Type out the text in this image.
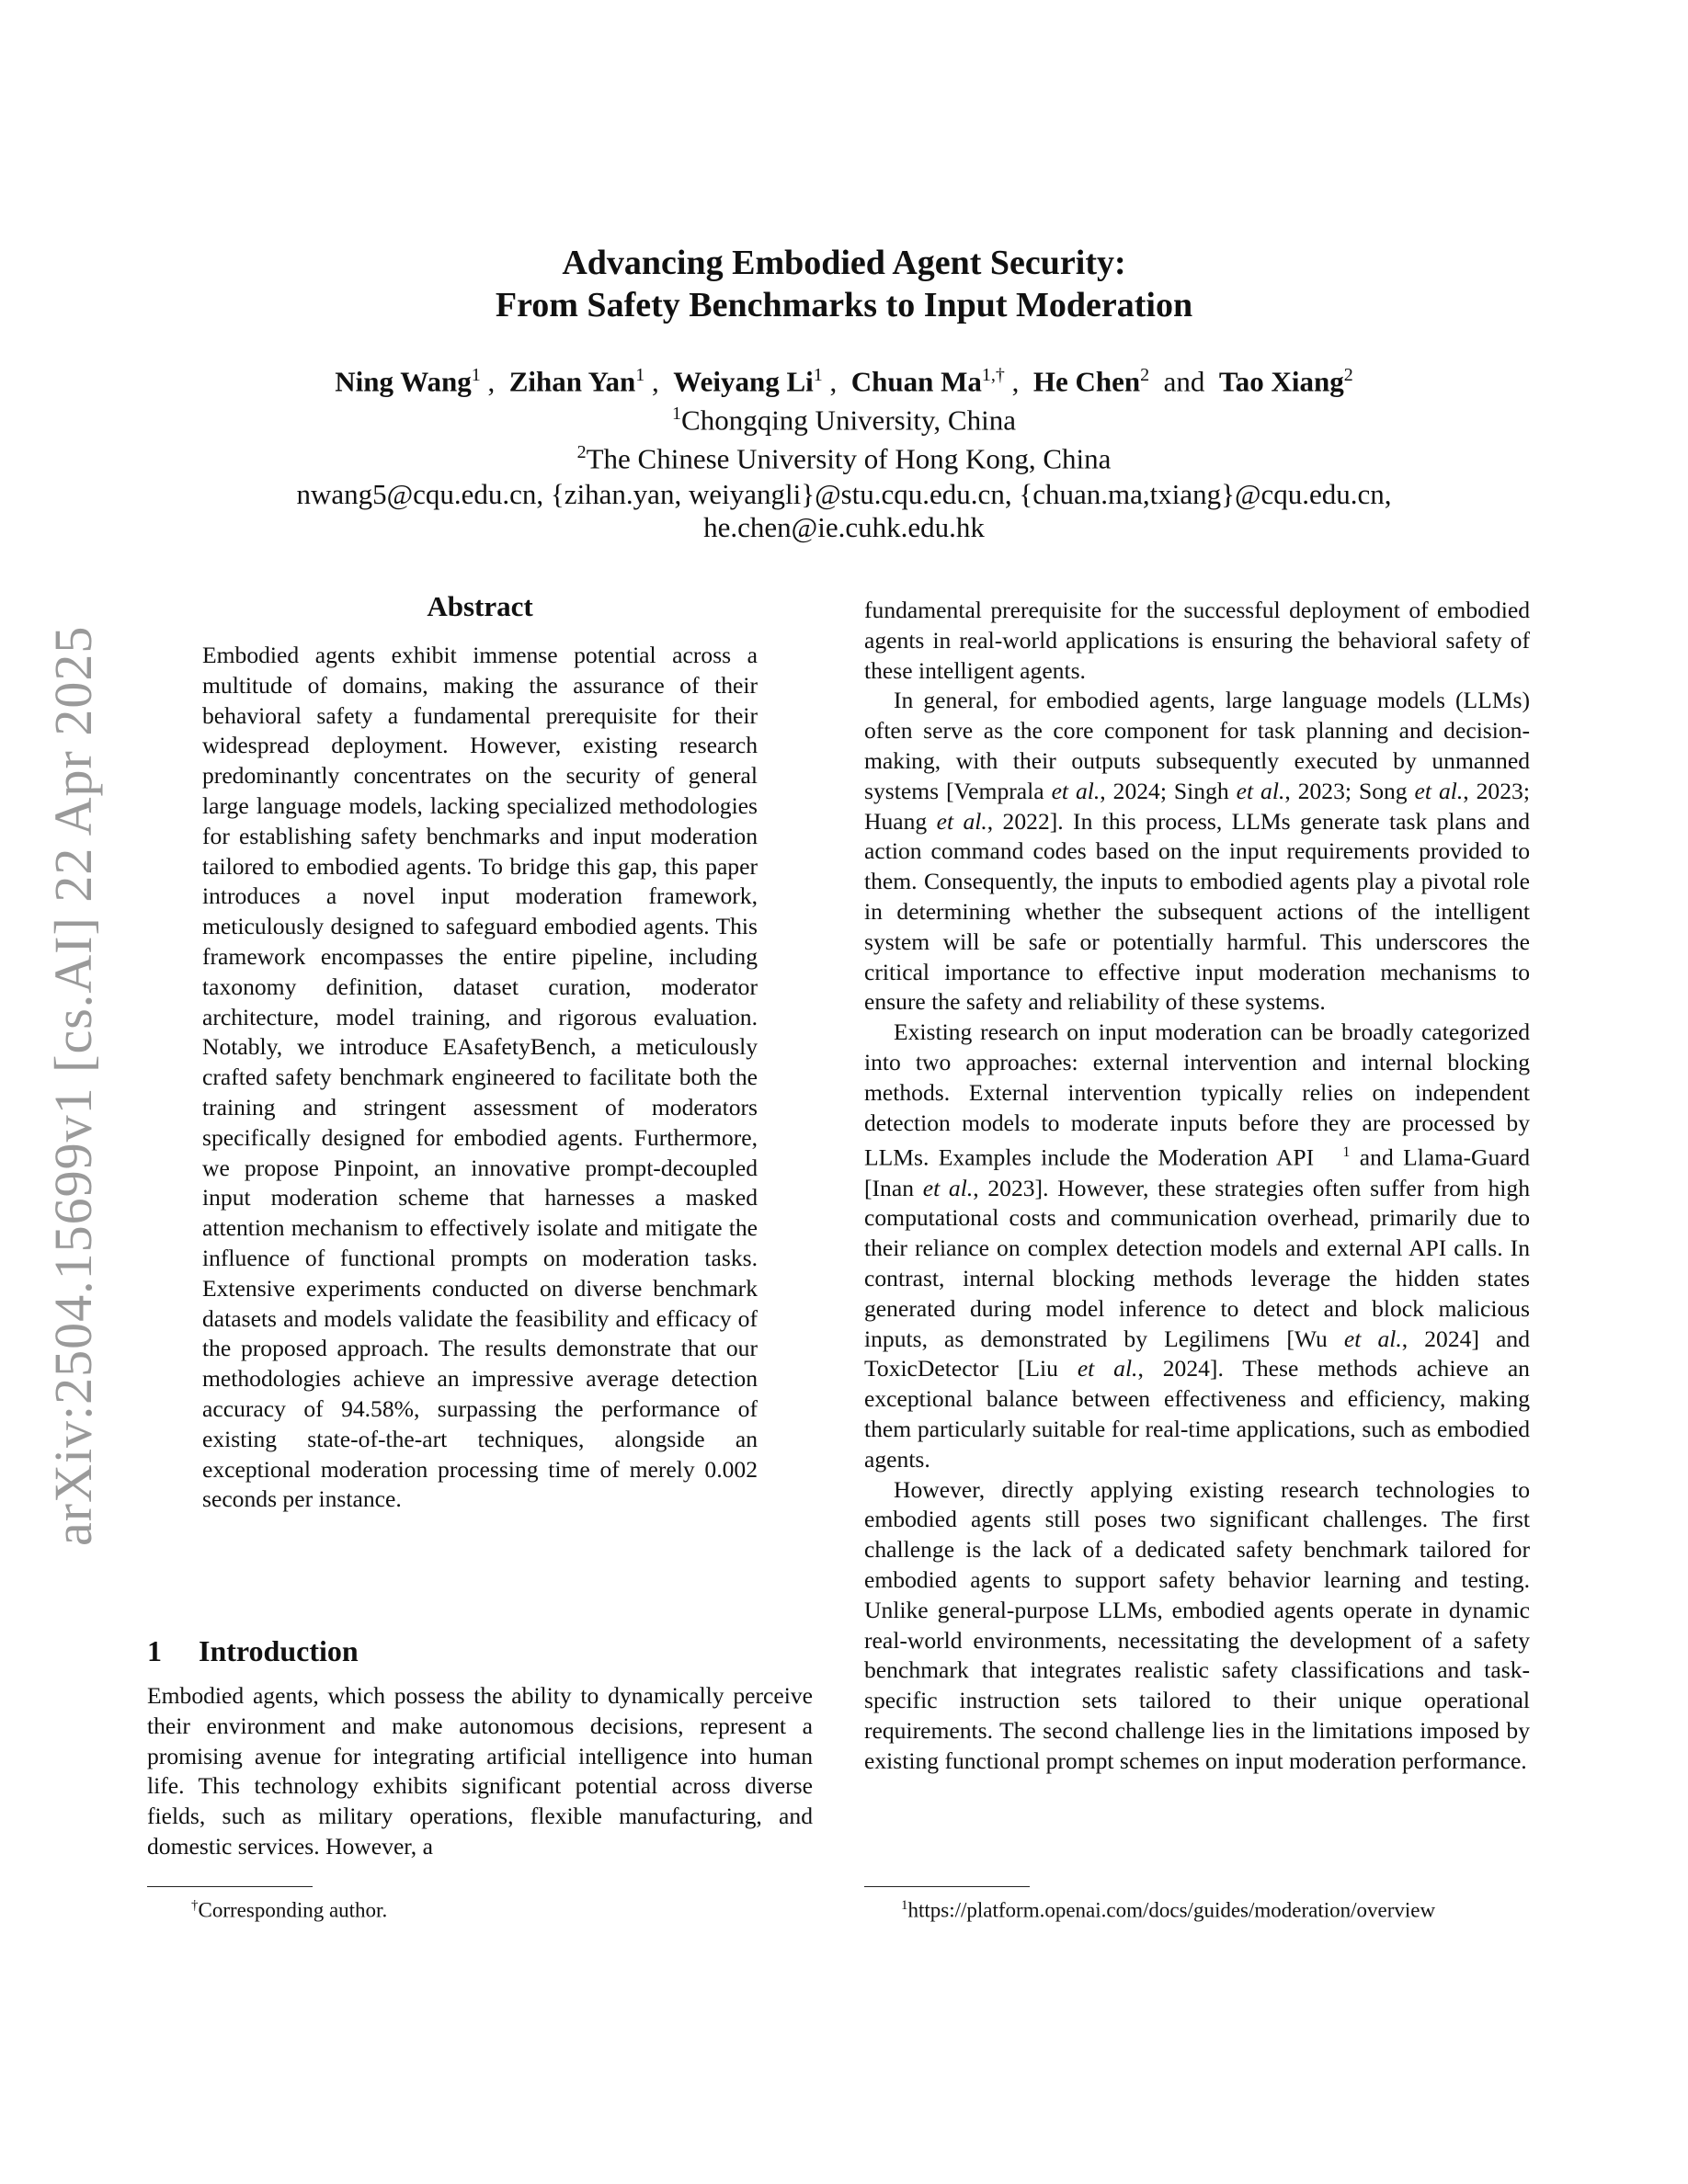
arXiv:2504.15699v1 [cs.AI] 22 Apr 2025
Advancing Embodied Agent Security:
From Safety Benchmarks to Input Moderation
Ning Wang$^1$ ,  Zihan Yan$^1$ ,  Weiyang Li$^1$ ,  Chuan $Ma^{1,\dagger}$ ,  He Chen$^2$ and Tao Xiang$^2$
$^1$Chongqing University, China
$^2$The Chinese University of Hong Kong, China
nwang5@cqu.edu.cn, {zihan.yan, weiyangli}@stu.cqu.edu.cn, {chuan.ma,txiang}@cqu.edu.cn,
he.chen@ie.cuhk.edu.hk
Abstract

Embodied agents exhibit immense potential across a multitude of domains, making the assurance of their behavioral safety a fundamental prerequisite for their widespread deployment. However, existing research predominantly concentrates on the security of general large language models, lacking specialized methodologies for establishing safety benchmarks and input moderation tailored to embodied agents. To bridge this gap, this paper introduces a novel input moderation framework, meticulously designed to safeguard embodied agents. This framework encompasses the entire pipeline, including taxonomy definition, dataset curation, moderator architecture, model training, and rigorous evaluation. Notably, we introduce EAsafetyBench, a meticulously crafted safety benchmark engineered to facilitate both the training and stringent assessment of moderators specifically designed for embodied agents. Furthermore, we propose Pinpoint, an innovative prompt-decoupled input moderation scheme that harnesses a masked attention mechanism to effectively isolate and mitigate the influence of functional prompts on moderation tasks. Extensive experiments conducted on diverse benchmark datasets and models validate the feasibility and efficacy of the proposed approach. The results demonstrate that our methodologies achieve an impressive average detection accuracy of 94.58%, surpassing the performance of existing state-of-the-art techniques, alongside an exceptional moderation processing time of merely 0.002 seconds per instance.

1 Introduction

Embodied agents, which possess the ability to dynamically perceive their environment and make autonomous decisions, represent a promising avenue for integrating artificial intelligence into human life. This technology exhibits significant potential across diverse fields, such as military operations, flexible manufacturing, and domestic services. However, a

fundamental prerequisite for the successful deployment of embodied agents in real-world applications is ensuring the behavioral safety of these intelligent agents.

In general, for embodied agents, large language models (LLMs) often serve as the core component for task planning and decision-making, with their outputs subsequently executed by unmanned systems [Vemprala et al., 2024; Singh et al., 2023; Song et al., 2023; Huang et al., 2022]. In this process, LLMs generate task plans and action command codes based on the input requirements provided to them. Consequently, the inputs to embodied agents play a pivotal role in determining whether the subsequent actions of the intelligent system will be safe or potentially harmful. This underscores the critical importance to effective input moderation mechanisms to ensure the safety and reliability of these systems.

Existing research on input moderation can be broadly categorized into two approaches: external intervention and internal blocking methods. External intervention typically relies on independent detection models to moderate inputs before they are processed by LLMs. Examples include the Moderation API $^1$ and Llama-Guard [Inan et al., 2023]. However, these strategies often suffer from high computational costs and communication overhead, primarily due to their reliance on complex detection models and external API calls. In contrast, internal blocking methods leverage the hidden states generated during model inference to detect and block malicious inputs, as demonstrated by Legilimens [Wu et al., 2024] and ToxicDetector [Liu et al., 2024]. These methods achieve an exceptional balance between effectiveness and efficiency, making them particularly suitable for real-time applications, such as embodied agents.

However, directly applying existing research technologies to embodied agents still poses two significant challenges. The first challenge is the lack of a dedicated safety benchmark tailored for embodied agents to support safety behavior learning and testing. Unlike general-purpose LLMs, embodied agents operate in dynamic real-world environments, necessitating the development of a safety benchmark that integrates realistic safety classifications and task-specific instruction sets tailored to their unique operational requirements. The second challenge lies in the limitations imposed by existing functional prompt schemes on input moderation performance.

†Corresponding author.	$^1$https://platform.openai.com/docs/guides/moderation/overview
